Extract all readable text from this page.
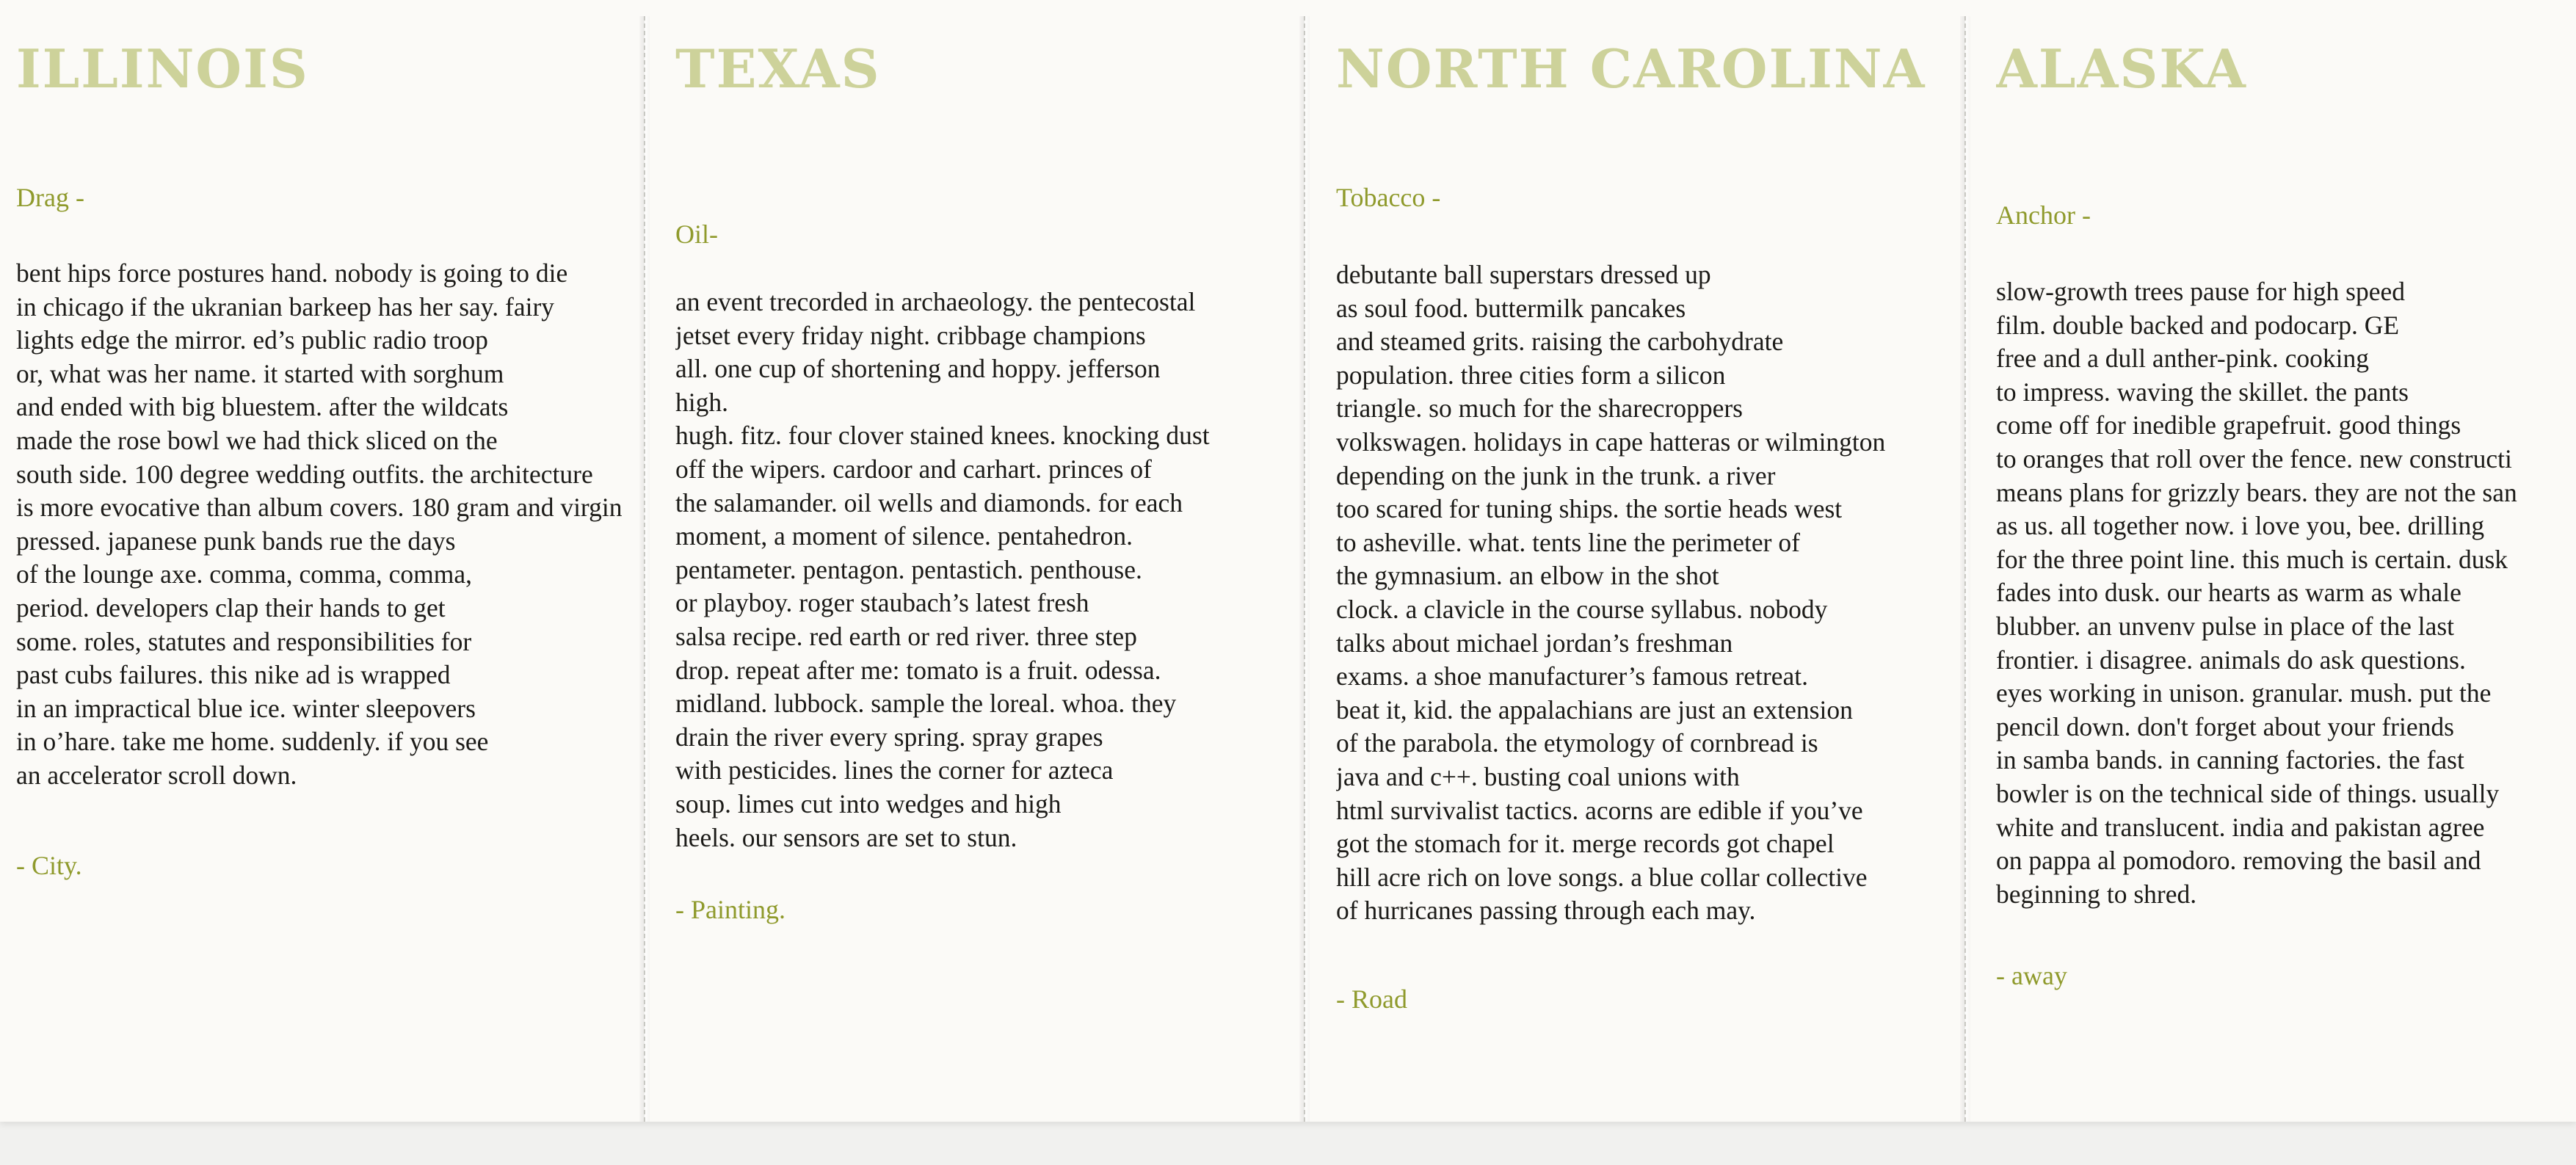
ILLINOIS

Drag -

bent hips force postures hand. nobody is going to die
in chicago if the ukranian barkeep has her say. fairy
lights edge the mirror. ed’s public radio troop
or, what was her name. it started with sorghum
and ended with big bluestem. after the wildcats
made the rose bowl we had thick sliced on the
south side. 100 degree wedding outfits. the architecture
is more evocative than album covers. 180 gram and virgin
pressed. japanese punk bands rue the days
of the lounge axe. comma, comma, comma,
period. developers clap their hands to get
some. roles, statutes and responsibilities for
past cubs failures. this nike ad is wrapped
in an impractical blue ice. winter sleepovers
in o’hare. take me home. suddenly. if you see
an accelerator scroll down.

- City.

TEXAS

Oil-

an event trecorded in archaeology. the pentecostal
jetset every friday night. cribbage champions
all. one cup of shortening and hoppy. jefferson
high.
hugh. fitz. four clover stained knees. knocking dust
off the wipers. cardoor and carhart. princes of
the salamander. oil wells and diamonds. for each
moment, a moment of silence. pentahedron.
pentameter. pentagon. pentastich. penthouse.
or playboy. roger staubach’s latest fresh
salsa recipe. red earth or red river. three step
drop. repeat after me: tomato is a fruit. odessa.
midland. lubbock. sample the loreal. whoa. they
drain the river every spring. spray grapes
with pesticides. lines the corner for azteca
soup. limes cut into wedges and high
heels. our sensors are set to stun.

- Painting.

NORTH CAROLINA

Tobacco -

debutante ball superstars dressed up
as soul food. buttermilk pancakes
and steamed grits. raising the carbohydrate
population. three cities form a silicon
triangle. so much for the sharecroppers
volkswagen. holidays in cape hatteras or wilmington
depending on the junk in the trunk. a river
too scared for tuning ships. the sortie heads west
to asheville. what. tents line the perimeter of
the gymnasium. an elbow in the shot
clock. a clavicle in the course syllabus. nobody
talks about michael jordan’s freshman
exams. a shoe manufacturer’s famous retreat.
beat it, kid. the appalachians are just an extension
of the parabola. the etymology of cornbread is
java and c++. busting coal unions with
html survivalist tactics. acorns are edible if you’ve
got the stomach for it. merge records got chapel
hill acre rich on love songs. a blue collar collective
of hurricanes passing through each may.

- Road

ALASKA

Anchor -

slow-growth trees pause for high speed
film. double backed and podocarp. GE
free and a dull anther-pink. cooking
to impress. waving the skillet. the pants
come off for inedible grapefruit. good things
to oranges that roll over the fence. new constructi
means plans for grizzly bears. they are not the san
as us. all together now. i love you, bee. drilling
for the three point line. this much is certain. dusk
fades into dusk. our hearts as warm as whale
blubber. an unvenv pulse in place of the last
frontier. i disagree. animals do ask questions.
eyes working in unison. granular. mush. put the
pencil down. don't forget about your friends
in samba bands. in canning factories. the fast
bowler is on the technical side of things. usually
white and translucent. india and pakistan agree
on pappa al pomodoro. removing the basil and
beginning to shred.

- away
